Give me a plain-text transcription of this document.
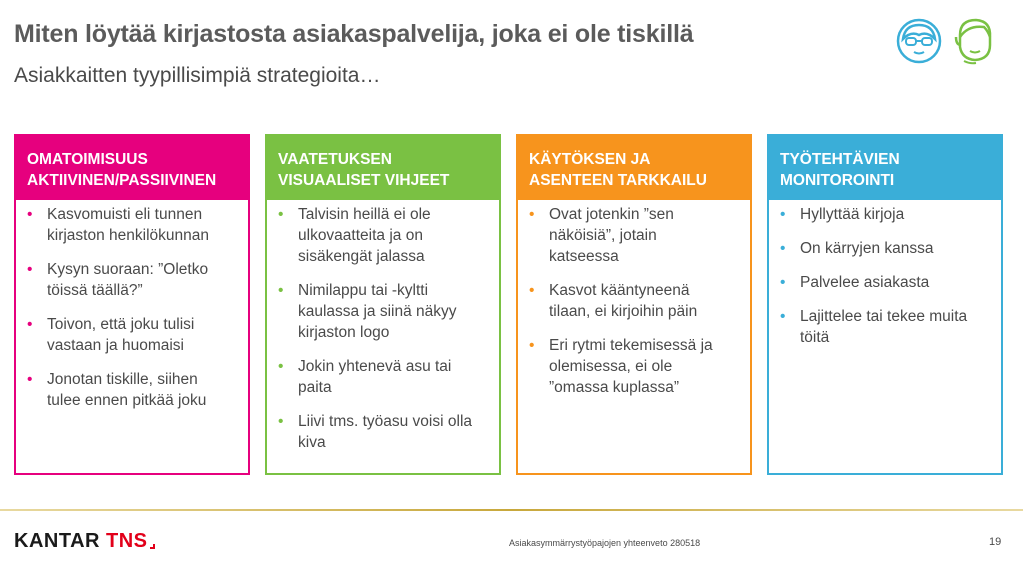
Miten löytää kirjastosta asiakaspalvelija, joka ei ole tiskillä
Asiakkaitten tyypillisimpiä strategioita…
OMATOIMISUUS
AKTIIVINEN/PASSIIVINEN
• Kasvomuisti eli tunnen
kirjaston henkilökunnan
• Kysyn suoraan: ”Oletko
töissä täällä?”
• Toivon, että joku tulisi
vastaan ja huomaisi
• Jonotan tiskille, siihen
tulee ennen pitkää joku
VAATETUKSEN
VISUAALISET VIHJEET
• Talvisin heillä ei ole
ulkovaatteita ja on
sisäkengät jalassa
• Nimilappu tai -kyltti
kaulassa ja siinä näkyy
kirjaston logo
• Jokin yhtenevä asu tai
paita
• Liivi tms. työasu voisi olla
kiva
KÄYTÖKSEN JA
ASENTEEN TARKKAILU
• Ovat jotenkin ”sen
näköisiä”, jotain
katseessa
• Kasvot kääntyneenä
tilaan, ei kirjoihin päin
• Eri rytmi tekemisessä ja
olemisessa, ei ole
”omassa kuplassa”
TYÖTEHTÄVIEN
MONITOROINTI
• Hyllyttää kirjoja
• On kärryjen kanssa
• Palvelee asiakasta
• Lajittelee tai tekee muita
töitä
KANTAR TNS	Asiakasymmärrystyöpajojen yhteenveto 280518	19
